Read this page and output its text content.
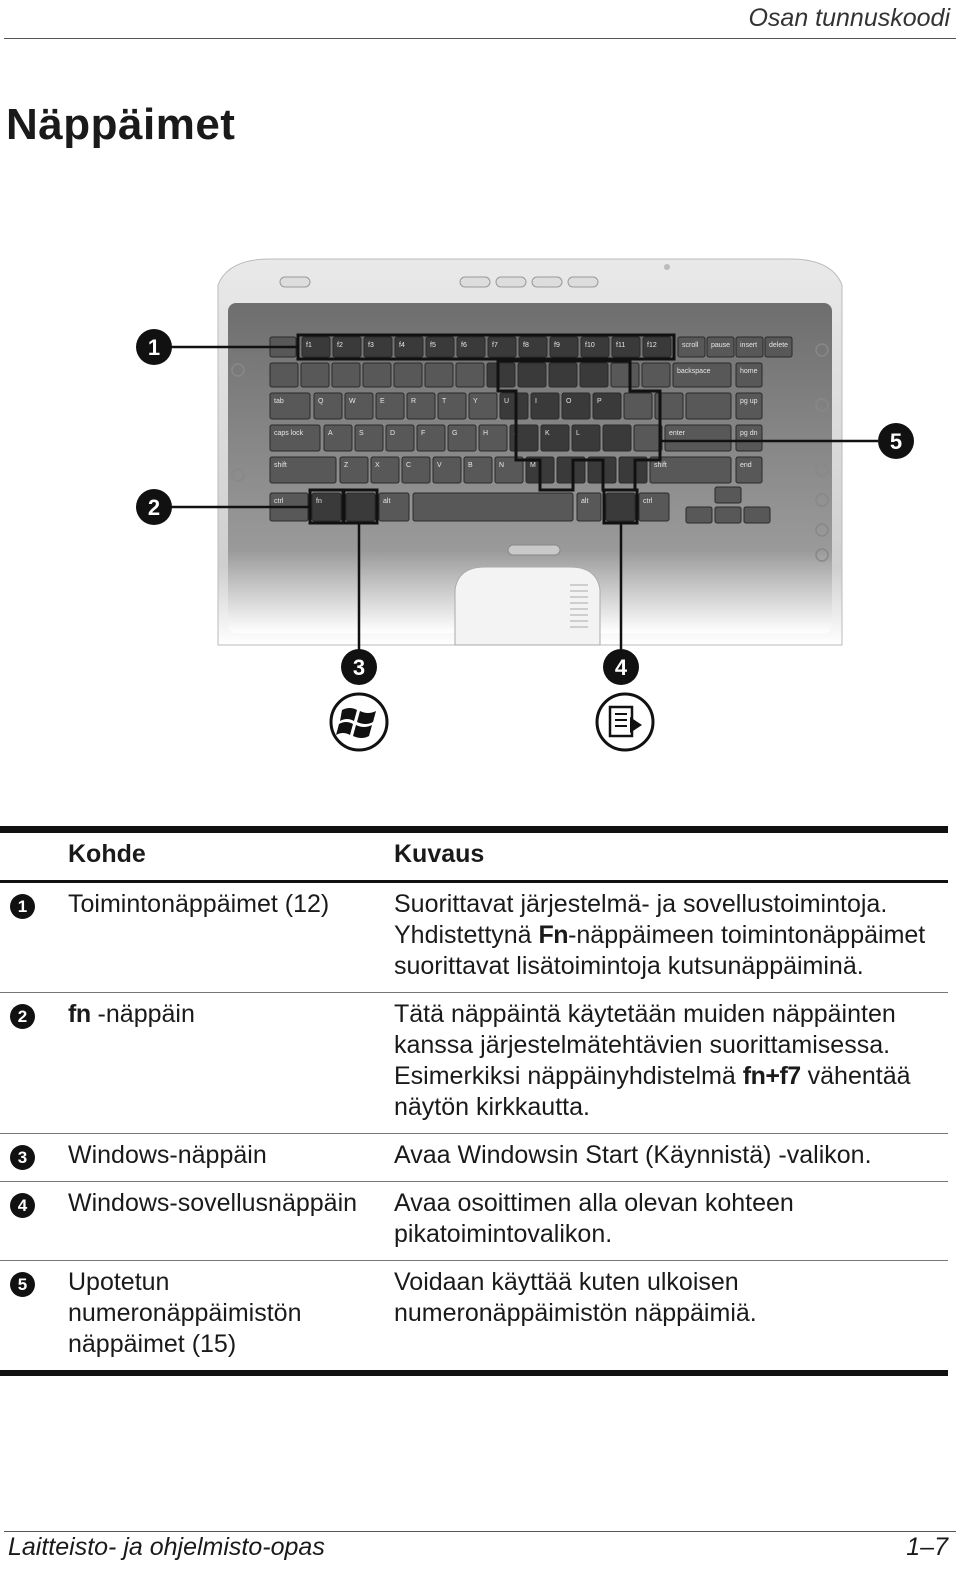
Osan tunnuskoodi
Näppäimet
f1	f2	f3	f4	f5	f6	f7	f8	f9	f10	f11	f12	scroll pause insert delete
backspace	home
tab	Q	W	E	R	T	Y	U	I	O	P	pg up
caps lock	A	S	D	F	G	H	J	K	L	enter	pg dn
shift	Z	X	C	V	B	N	M	shift	end
ctrl	fn	alt	alt	ctrl
1
2
3	4
5
	Kohde	Kuvaus
1	Toimintonäppäimet (12)	Suorittavat järjestelmä- ja sovellustoimintoja. Yhdistettynä Fn-näppäimeen toimintonäppäimet suorittavat lisätoimintoja kutsunäppäiminä.
2	fn -näppäin	Tätä näppäintä käytetään muiden näppäinten kanssa järjestelmätehtävien suorittamisessa. Esimerkiksi näppäinyhdistelmä fn+f7 vähentää näytön kirkkautta.
3	Windows-näppäin	Avaa Windowsin Start (Käynnistä) -valikon.
4	Windows-sovellusnäppäin	Avaa osoittimen alla olevan kohteen pikatoimintovalikon.
5	Upotetun numeronäppäimistön näppäimet (15)	Voidaan käyttää kuten ulkoisen numeronäppäimistön näppäimiä.
Laitteisto- ja ohjelmisto-opas	1–7
